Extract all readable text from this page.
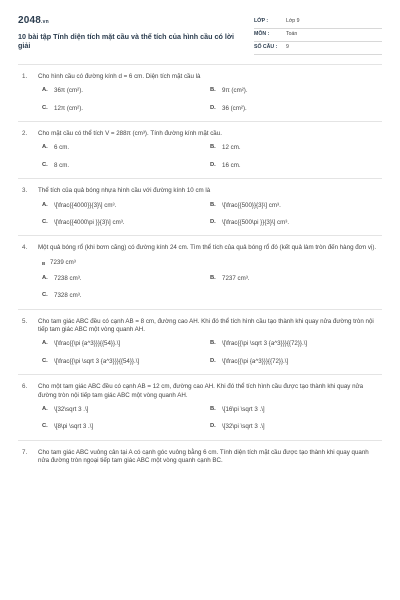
2048.vn
10 bài tập Tính diện tích mặt cầu và thể tích của hình cầu có lời giải
LỚP :	Lớp 9
MÔN :	Toán
SỐ CÂU :	9
1.	Cho hình cầu có đường kính d = 6 cm. Diện tích mặt cầu là
A. 36π (cm²).	B. 9π (cm²).
C. 12π (cm²).	D. 36 (cm²).
2.	Cho mặt cầu có thể tích V = 288π (cm³). Tính đường kính mặt cầu.
A. 6 cm.	B. 12 cm.
C. 8 cm.	D. 16 cm.
3.	Thể tích của quả bóng nhựa hình cầu với đường kính 10 cm là
A. \[\frac{{4000}}{3}\] cm³.	B. \[\frac{{500}}{3}\] cm³.
C. \[\frac{{4000\pi }}{3}\] cm³.	D. \[\frac{{500\pi }}{3}\] cm³.
4.	Một quả bóng rổ (khi bơm căng) có đường kính 24 cm. Tìm thể tích của quả bóng rổ đó (kết quả làm tròn đến hàng đơn vị).
B 7239 cm³
A. 7238 cm³.	B. 7237 cm³.
C. 7328 cm³.
5.	Cho tam giác ABC đều có cạnh AB = 8 cm, đường cao AH. Khi đó thể tích hình cầu tạo thành khi quay nửa đường tròn nội tiếp tam giác ABC một vòng quanh AH.
A. \[\frac{{\pi {a^3}}}{{54}}.\]	B. \[\frac{{\pi \sqrt 3 {a^3}}}{{72}}.\]
C. \[\frac{{\pi \sqrt 3 {a^3}}}{{54}}.\]	D. \[\frac{{\pi {a^3}}}{{72}}.\]
6.	Cho một tam giác ABC đều có cạnh AB = 12 cm, đường cao AH. Khi đó thể tích hình cầu được tạo thành khi quay nửa đường tròn nội tiếp tam giác ABC một vòng quanh AH.
A. \[32\sqrt 3 .\]	B. \[16\pi \sqrt 3 .\]
C. \[8\pi \sqrt 3 .\]	D. \[32\pi \sqrt 3 .\]
7.	Cho tam giác ABC vuông cân tại A có cạnh góc vuông bằng 6 cm. Tính diện tích mặt cầu được tạo thành khi quay quanh nửa đường tròn ngoại tiếp tam giác ABC một vòng quanh cạnh BC.
